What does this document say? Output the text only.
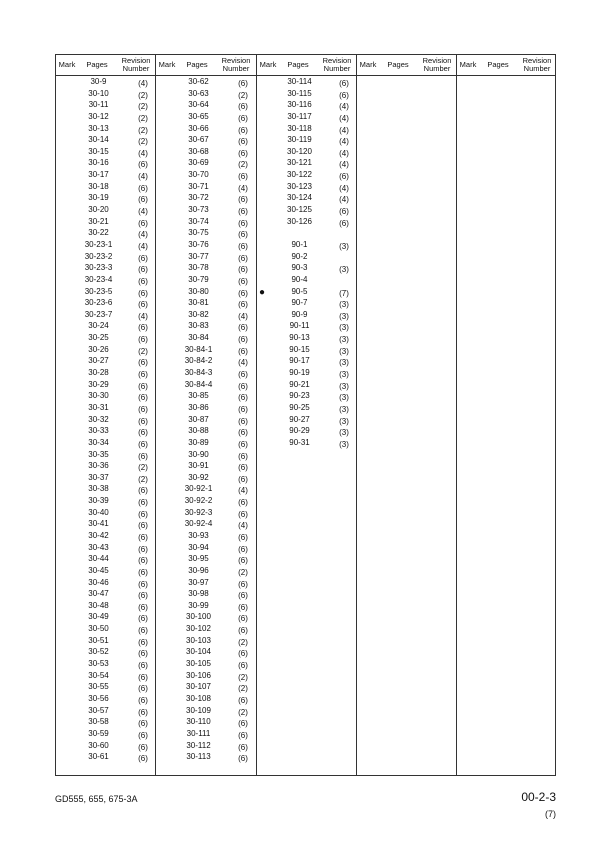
Mark	Pages	Revision
Number	Mark	Pages	Revision
Number	Mark	Pages	Revision
Number	Mark	Pages	Revision
Number	Mark	Pages	Revision
Number
30-9	(4)
30-10	(2)
30-11	(2)
30-12	(2)
30-13	(2)
30-14	(2)
30-15	(4)
30-16	(6)
30-17	(4)
30-18	(6)
30-19	(6)
30-20	(4)
30-21	(6)
30-22	(4)
30-23-1	(4)
30-23-2	(6)
30-23-3	(6)
30-23-4	(6)
30-23-5	(6)
30-23-6	(6)
30-23-7	(4)
30-24	(6)
30-25	(6)
30-26	(2)
30-27	(6)
30-28	(6)
30-29	(6)
30-30	(6)
30-31	(6)
30-32	(6)
30-33	(6)
30-34	(6)
30-35	(6)
30-36	(2)
30-37	(2)
30-38	(6)
30-39	(6)
30-40	(6)
30-41	(6)
30-42	(6)
30-43	(6)
30-44	(6)
30-45	(6)
30-46	(6)
30-47	(6)
30-48	(6)
30-49	(6)
30-50	(6)
30-51	(6)
30-52	(6)
30-53	(6)
30-54	(6)
30-55	(6)
30-56	(6)
30-57	(6)
30-58	(6)
30-59	(6)
30-60	(6)
30-61	(6)
30-62	(6)
30-63	(2)
30-64	(6)
30-65	(6)
30-66	(6)
30-67	(6)
30-68	(6)
30-69	(2)
30-70	(6)
30-71	(4)
30-72	(6)
30-73	(6)
30-74	(6)
30-75	(6)
30-76	(6)
30-77	(6)
30-78	(6)
30-79	(6)
30-80	(6)
30-81	(6)
30-82	(4)
30-83	(6)
30-84	(6)
30-84-1	(6)
30-84-2	(4)
30-84-3	(6)
30-84-4	(6)
30-85	(6)
30-86	(6)
30-87	(6)
30-88	(6)
30-89	(6)
30-90	(6)
30-91	(6)
30-92	(6)
30-92-1	(4)
30-92-2	(6)
30-92-3	(6)
30-92-4	(4)
30-93	(6)
30-94	(6)
30-95	(6)
30-96	(2)
30-97	(6)
30-98	(6)
30-99	(6)
30-100	(6)
30-102	(6)
30-103	(2)
30-104	(6)
30-105	(6)
30-106	(2)
30-107	(2)
30-108	(6)
30-109	(2)
30-110	(6)
30-111	(6)
30-112	(6)
30-113	(6)
30-114	(6)
30-115	(6)
30-116	(4)
30-117	(4)
30-118	(4)
30-119	(4)
30-120	(4)
30-121	(4)
30-122	(6)
30-123	(4)
30-124	(4)
30-125	(6)
30-126	(6)
90-1	(3)
90-2
90-3	(3)
90-4
●	90-5	(7)
90-7	(3)
90-9	(3)
90-11	(3)
90-13	(3)
90-15	(3)
90-17	(3)
90-19	(3)
90-21	(3)
90-23	(3)
90-25	(3)
90-27	(3)
90-29	(3)
90-31	(3)
GD555, 655, 675-3A	00-2-3
(7)
